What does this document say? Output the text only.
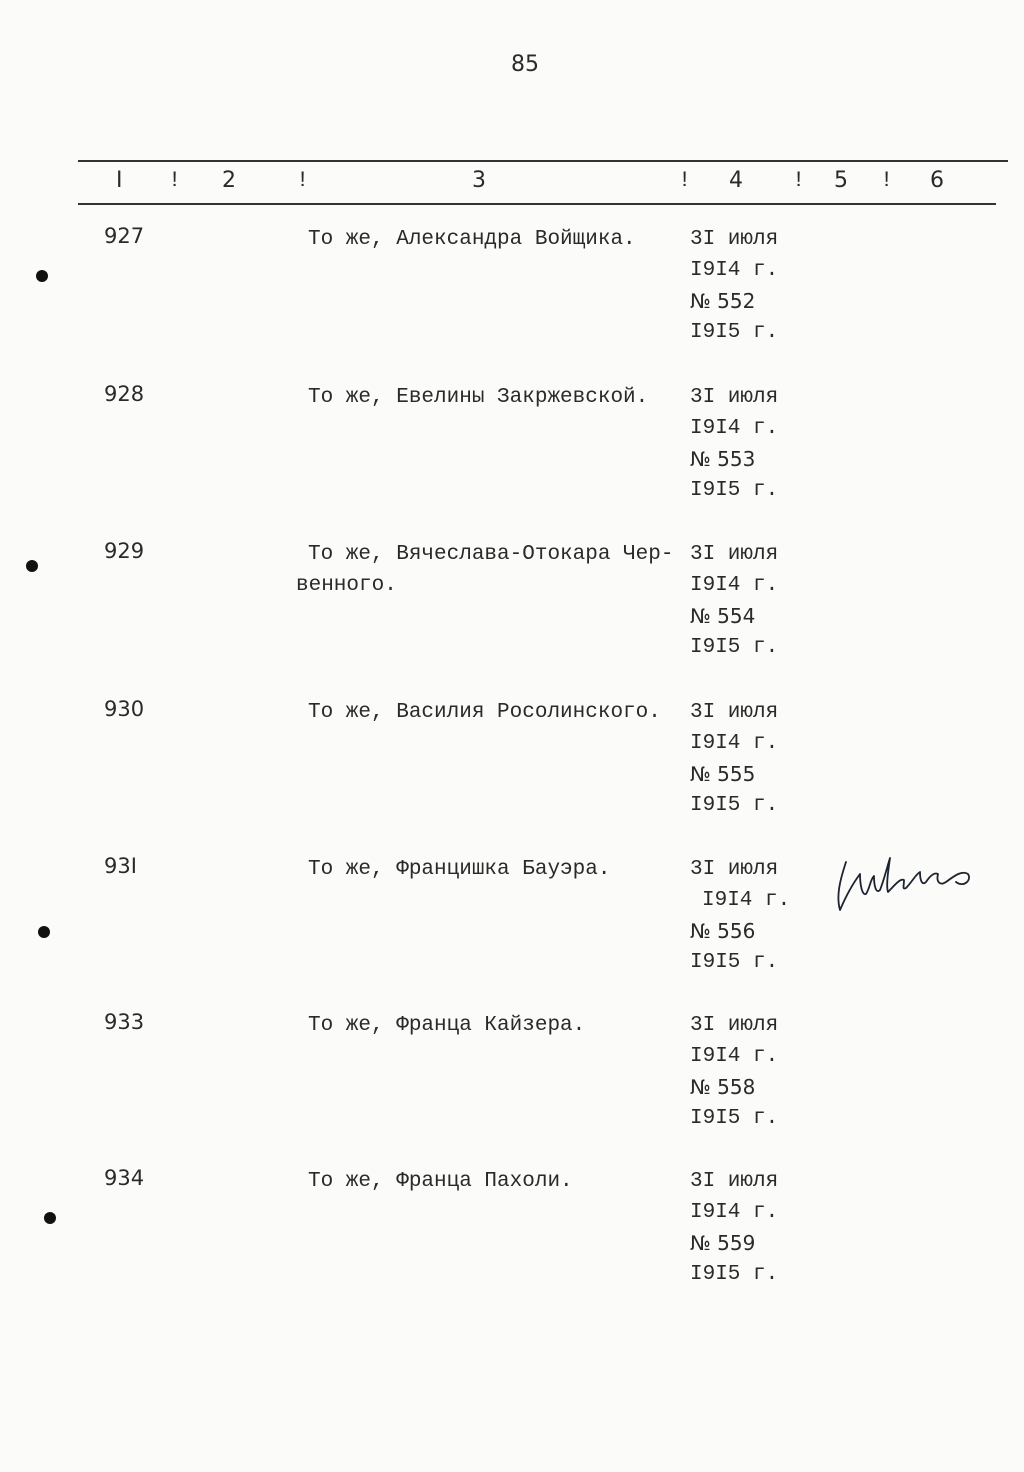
85
I ! 2	!	3	! 4 ! 5 ! 6
927	То же, Александра Войщика.	3I июля
I9I4 г.
№ 552
I9I5 г.
928	То же, Евелины Закржевской.	3I июля
I9I4 г.
№ 553
I9I5 г.
929	То же, Вячеслава-Отокара Чер-
венного.
3I июля
I9I4 г.
№ 554
I9I5 г.
930	То же, Василия Росолинского.	3I июля
I9I4 г.
№ 555
I9I5 г.
93I	То же, Францишка Бауэра.	3I июля
I9I4 г.
№ 556
I9I5 г.
933	То же, Франца Кайзера.	3I июля
I9I4 г.
№ 558
I9I5 г.
934	То же, Франца Пахоли.	3I июля
I9I4 г.
№ 559
I9I5 г.
